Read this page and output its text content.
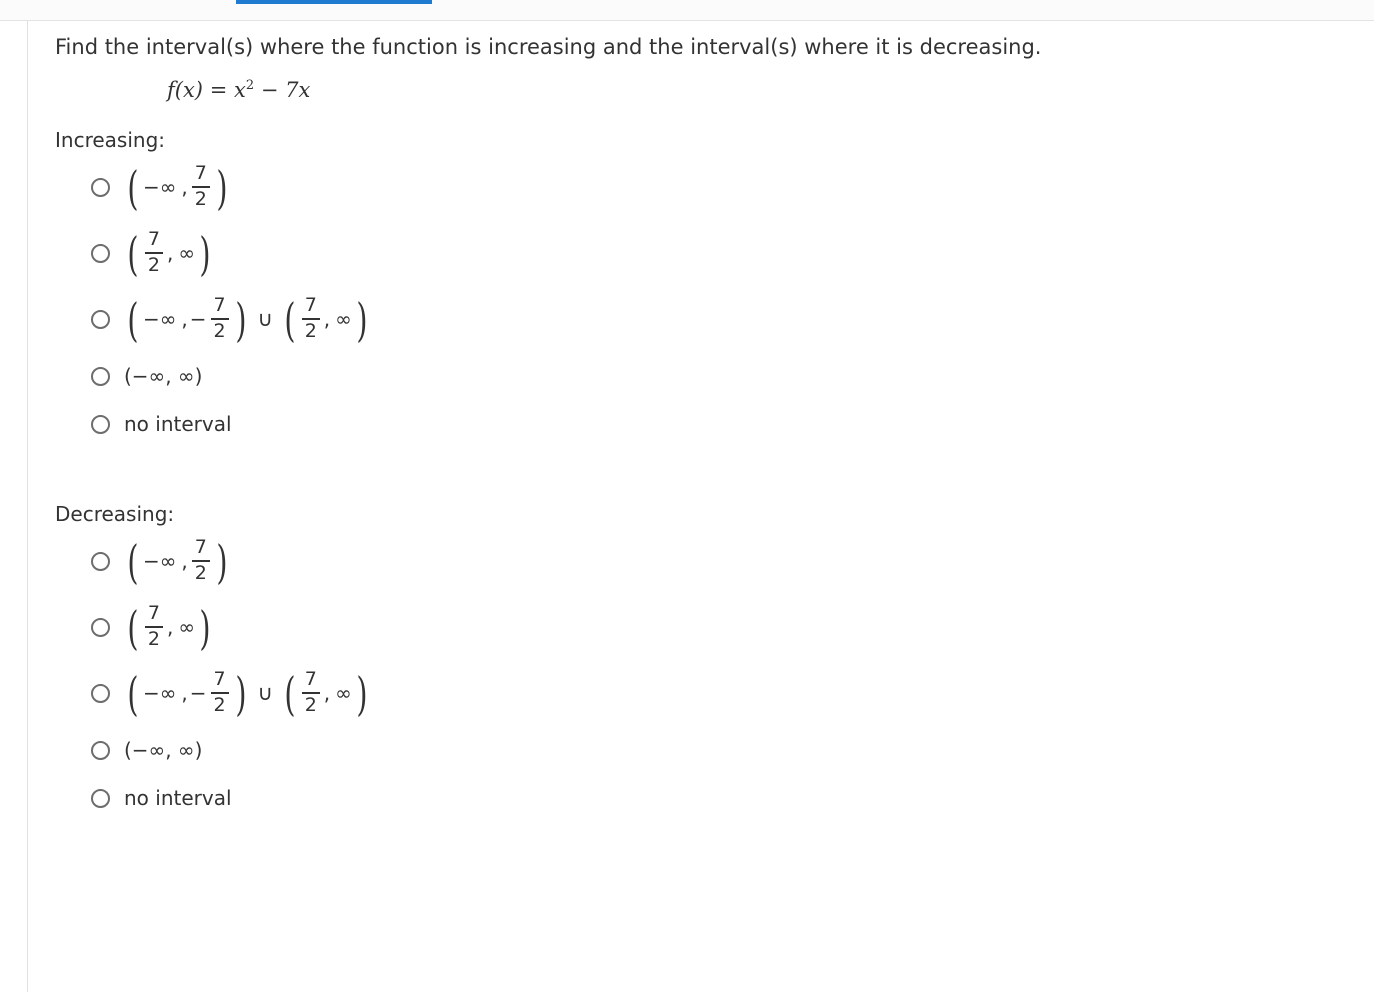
Find the interval(s) where the function is increasing and the interval(s) where it is decreasing.
$f(x) = x^2 - 7x$
Increasing:
( −∞ , $\frac{7}{2}$ )
( $\frac{7}{2}$ , ∞ )
( −∞ , − $\frac{7}{2}$ ) ∪ ( $\frac{7}{2}$ , ∞ )
(−∞, ∞)
no interval
Decreasing:
( −∞ , $\frac{7}{2}$ )
( $\frac{7}{2}$ , ∞ )
( −∞ , − $\frac{7}{2}$ ) ∪ ( $\frac{7}{2}$ , ∞ )
(−∞, ∞)
no interval
